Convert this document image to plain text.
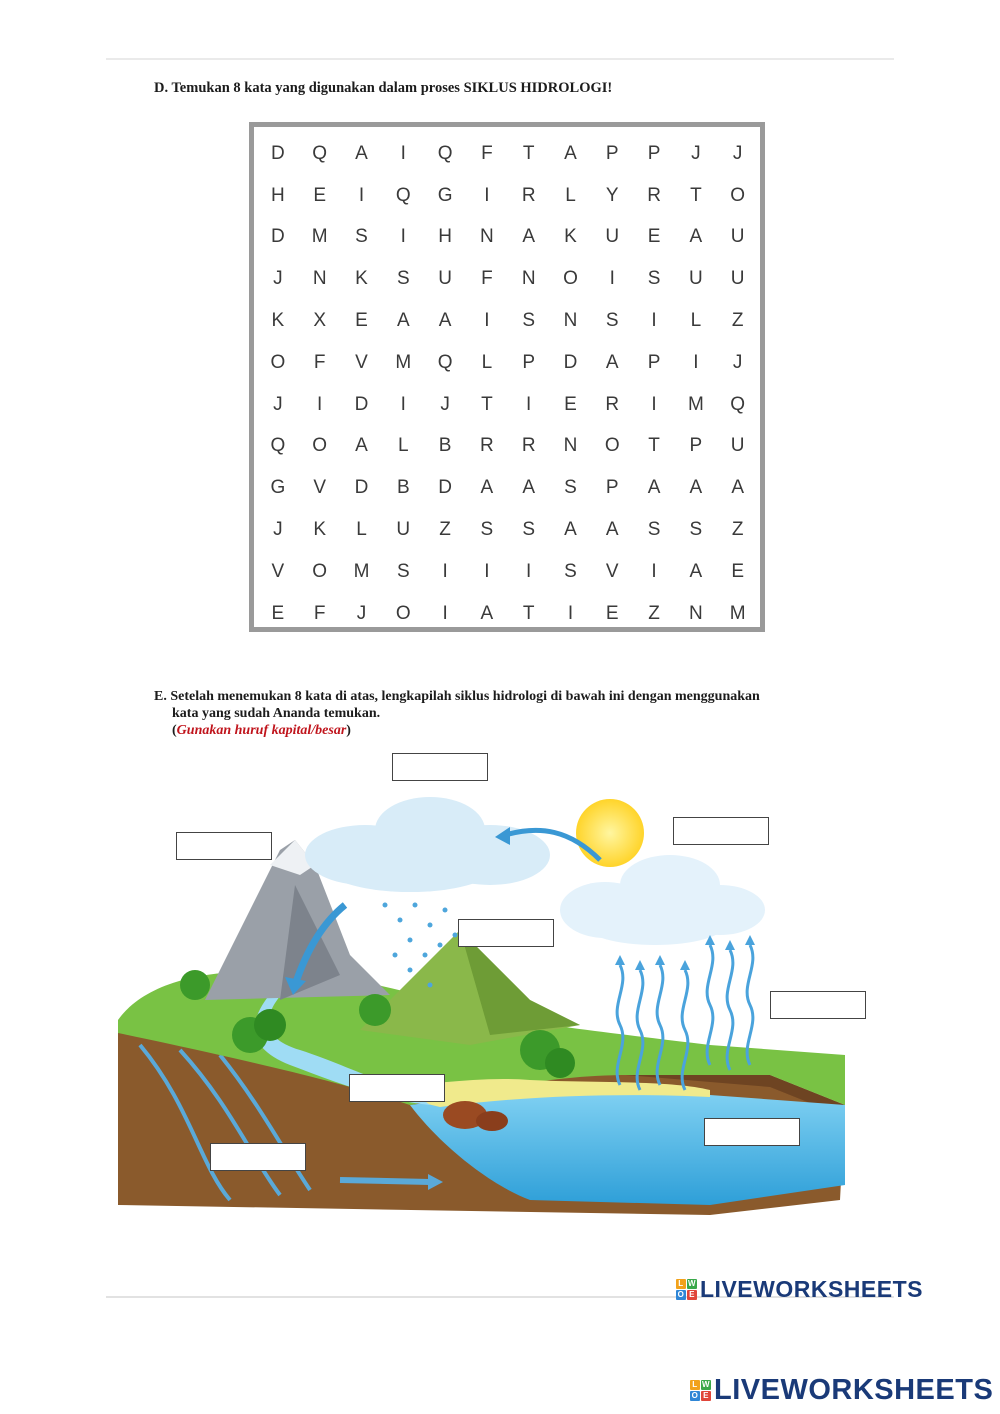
D. Temukan 8 kata yang digunakan dalam proses SIKLUS HIDROLOGI!
D	Q	A	I	Q	F	T	A	P	P	J	J
H	E	I	Q	G	I	R	L	Y	R	T	O
D	M	S	I	H	N	A	K	U	E	A	U
J	N	K	S	U	F	N	O	I	S	U	U
K	X	E	A	A	I	S	N	S	I	L	Z
O	F	V	M	Q	L	P	D	A	P	I	J
J	I	D	I	J	T	I	E	R	I	M	Q
Q	O	A	L	B	R	R	N	O	T	P	U
G	V	D	B	D	A	A	S	P	A	A	A
J	K	L	U	Z	S	S	A	A	S	S	Z
V	O	M	S	I	I	I	S	V	I	A	E
E	F	J	O	I	A	T	I	E	Z	N	M
E. Setelah menemukan 8 kata di atas, lengkapilah siklus hidrologi di bawah ini dengan menggunakan
kata yang sudah Ananda temukan.
(Gunakan huruf kapital/besar)
L W
O E LIVEWORKSHEETS
L W
O E LIVEWORKSHEETS
